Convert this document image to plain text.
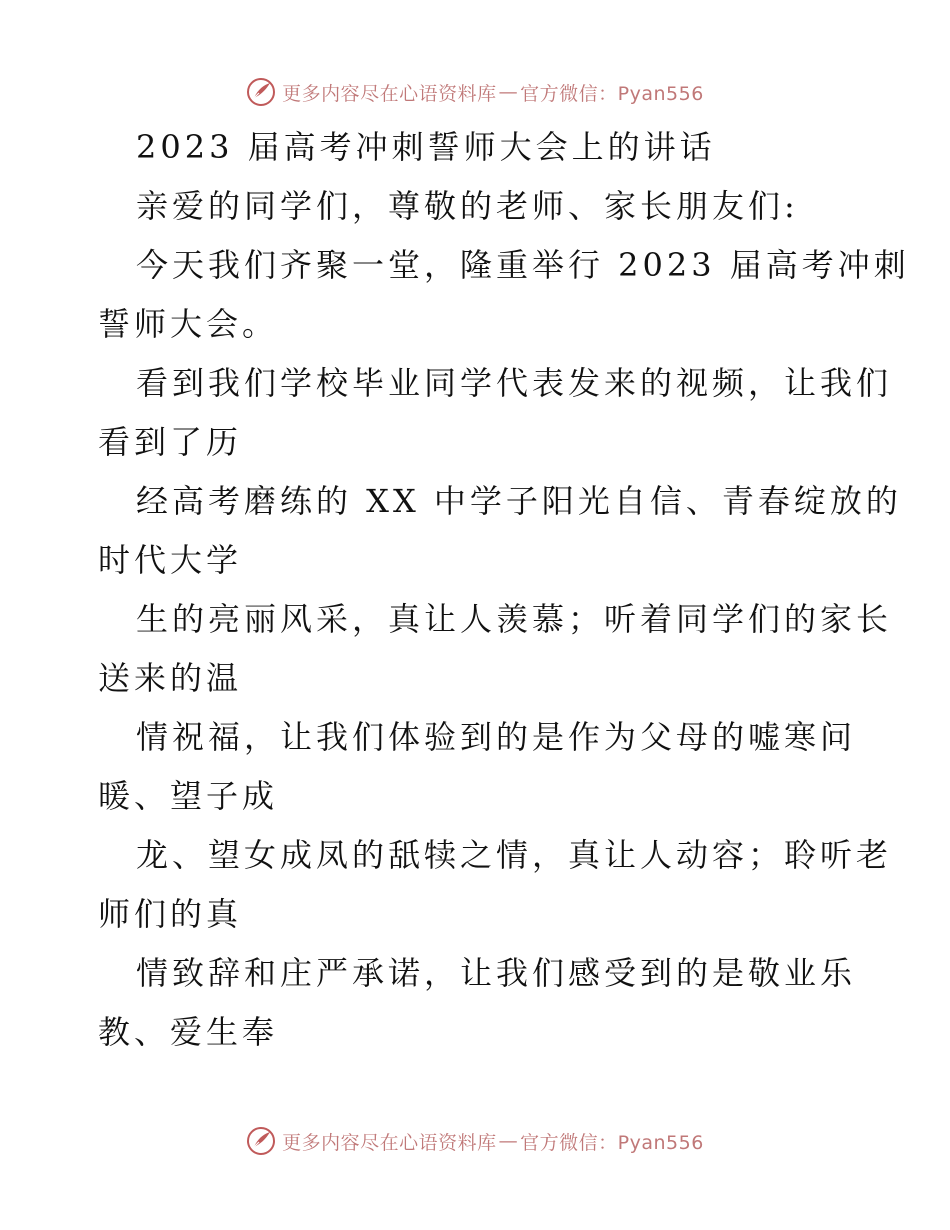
更多内容尽在心语资料库 — 官方微信：Pyan556
2023 届高考冲刺誓师大会上的讲话
亲爱的同学们，尊敬的老师、家长朋友们:
今天我们齐聚一堂，隆重举行 2023 届高考冲刺
誓师大会。
看到我们学校毕业同学代表发来的视频，让我们
看到了历
经高考磨练的 XX 中学子阳光自信、青春绽放的
时代大学
生的亮丽风采，真让人羡慕；听着同学们的家长
送来的温
情祝福，让我们体验到的是作为父母的嘘寒问
暖、望子成
龙、望女成凤的舐犊之情，真让人动容；聆听老
师们的真
情致辞和庄严承诺，让我们感受到的是敬业乐
教、爱生奉
更多内容尽在心语资料库 — 官方微信：Pyan556
